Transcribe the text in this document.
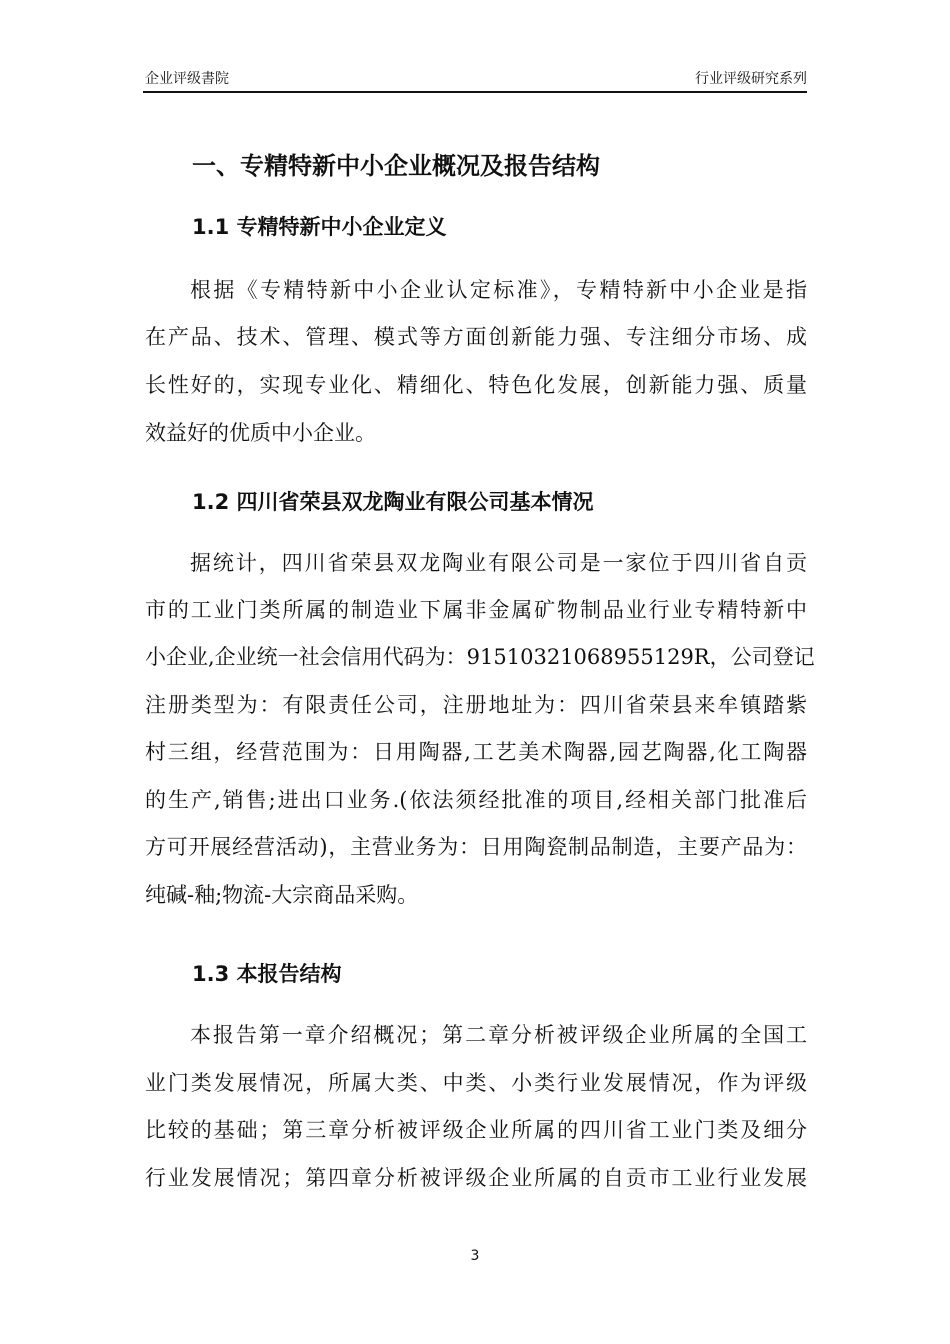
企业评级書院	行业评级研究系列
一、专精特新中小企业概况及报告结构
1.1 专精特新中小企业定义
根据《专精特新中小企业认定标准》，专精特新中小企业是指
在产品、技术、管理、模式等方面创新能力强、专注细分市场、成
长性好的，实现专业化、精细化、特色化发展，创新能力强、质量
效益好的优质中小企业。
1.2 四川省荣县双龙陶业有限公司基本情况
据统计，四川省荣县双龙陶业有限公司是一家位于四川省自贡
市的工业门类所属的制造业下属非金属矿物制品业行业专精特新中
小企业,企业统一社会信用代码为：91510321068955129R，公司登记
注册类型为：有限责任公司，注册地址为：四川省荣县来牟镇踏紫
村三组，经营范围为：日用陶器,工艺美术陶器,园艺陶器,化工陶器
的生产,销售;进出口业务.(依法须经批准的项目,经相关部门批准后
方可开展经营活动)，主营业务为：日用陶瓷制品制造，主要产品为：
纯碱-釉;物流-大宗商品采购。
1.3 本报告结构
本报告第一章介绍概况；第二章分析被评级企业所属的全国工
业门类发展情况，所属大类、中类、小类行业发展情况，作为评级
比较的基础；第三章分析被评级企业所属的四川省工业门类及细分
行业发展情况；第四章分析被评级企业所属的自贡市工业行业发展
3
